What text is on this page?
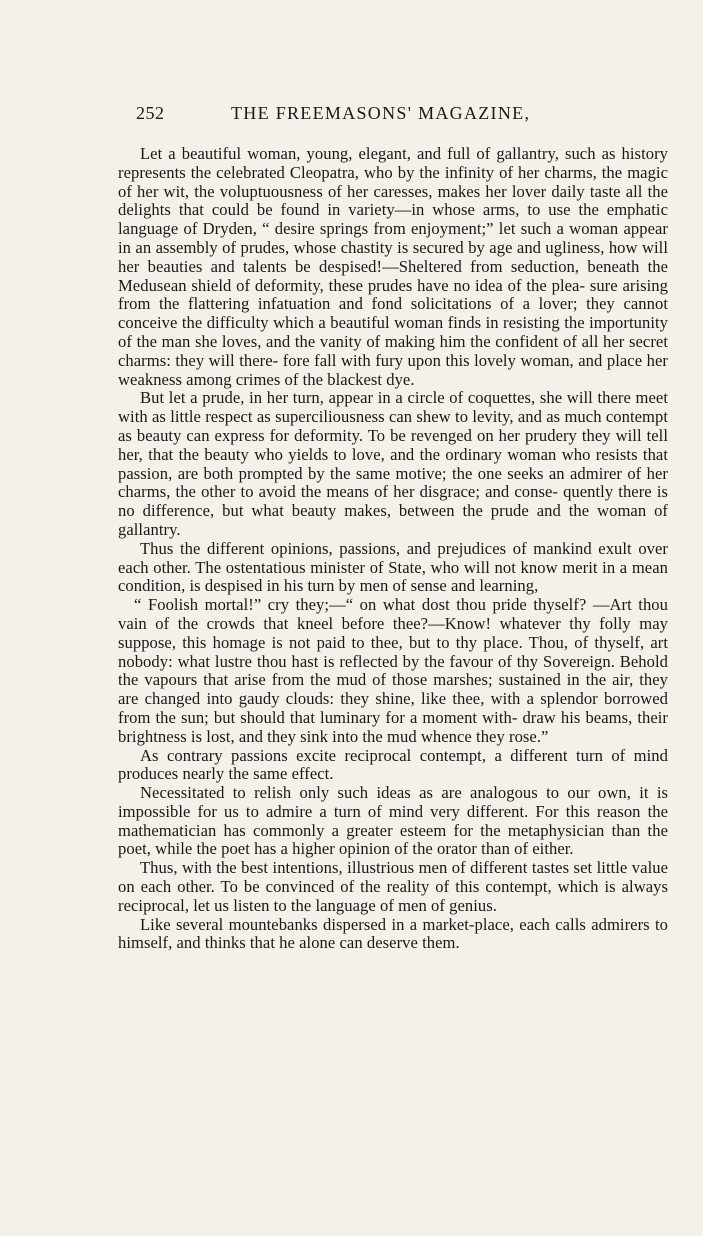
252	THE FREEMASONS' MAGAZINE,

Let a beautiful woman, young, elegant, and full of gallantry, such as history represents the celebrated Cleopatra, who by the infinity of her charms, the magic of her wit, the voluptuousness of her caresses, makes her lover daily taste all the delights that could be found in variety—in whose arms, to use the emphatic language of Dryden, “ desire springs from enjoyment;” let such a woman appear in an assembly of prudes, whose chastity is secured by age and ugliness, how will her beauties and talents be despised!—Sheltered from seduction, beneath the Medusean shield of deformity, these prudes have no idea of the plea- sure arising from the flattering infatuation and fond solicitations of a lover; they cannot conceive the difficulty which a beautiful woman finds in resisting the importunity of the man she loves, and the vanity of making him the confident of all her secret charms: they will there- fore fall with fury upon this lovely woman, and place her weakness among crimes of the blackest dye.

But let a prude, in her turn, appear in a circle of coquettes, she will there meet with as little respect as superciliousness can shew to levity, and as much contempt as beauty can express for deformity. To be revenged on her prudery they will tell her, that the beauty who yields to love, and the ordinary woman who resists that passion, are both prompted by the same motive; the one seeks an admirer of her charms, the other to avoid the means of her disgrace; and conse- quently there is no difference, but what beauty makes, between the prude and the woman of gallantry.

Thus the different opinions, passions, and prejudices of mankind exult over each other. The ostentatious minister of State, who will not know merit in a mean condition, is despised in his turn by men of sense and learning,

“ Foolish mortal!” cry they;—“ on what dost thou pride thyself? —Art thou vain of the crowds that kneel before thee?—Know! whatever thy folly may suppose, this homage is not paid to thee, but to thy place. Thou, of thyself, art nobody: what lustre thou hast is reflected by the favour of thy Sovereign. Behold the vapours that arise from the mud of those marshes; sustained in the air, they are changed into gaudy clouds: they shine, like thee, with a splendor borrowed from the sun; but should that luminary for a moment with- draw his beams, their brightness is lost, and they sink into the mud whence they rose.”

As contrary passions excite reciprocal contempt, a different turn of mind produces nearly the same effect.

Necessitated to relish only such ideas as are analogous to our own, it is impossible for us to admire a turn of mind very different. For this reason the mathematician has commonly a greater esteem for the metaphysician than the poet, while the poet has a higher opinion of the orator than of either.

Thus, with the best intentions, illustrious men of different tastes set little value on each other. To be convinced of the reality of this contempt, which is always reciprocal, let us listen to the language of men of genius.

Like several mountebanks dispersed in a market-place, each calls admirers to himself, and thinks that he alone can deserve them.
